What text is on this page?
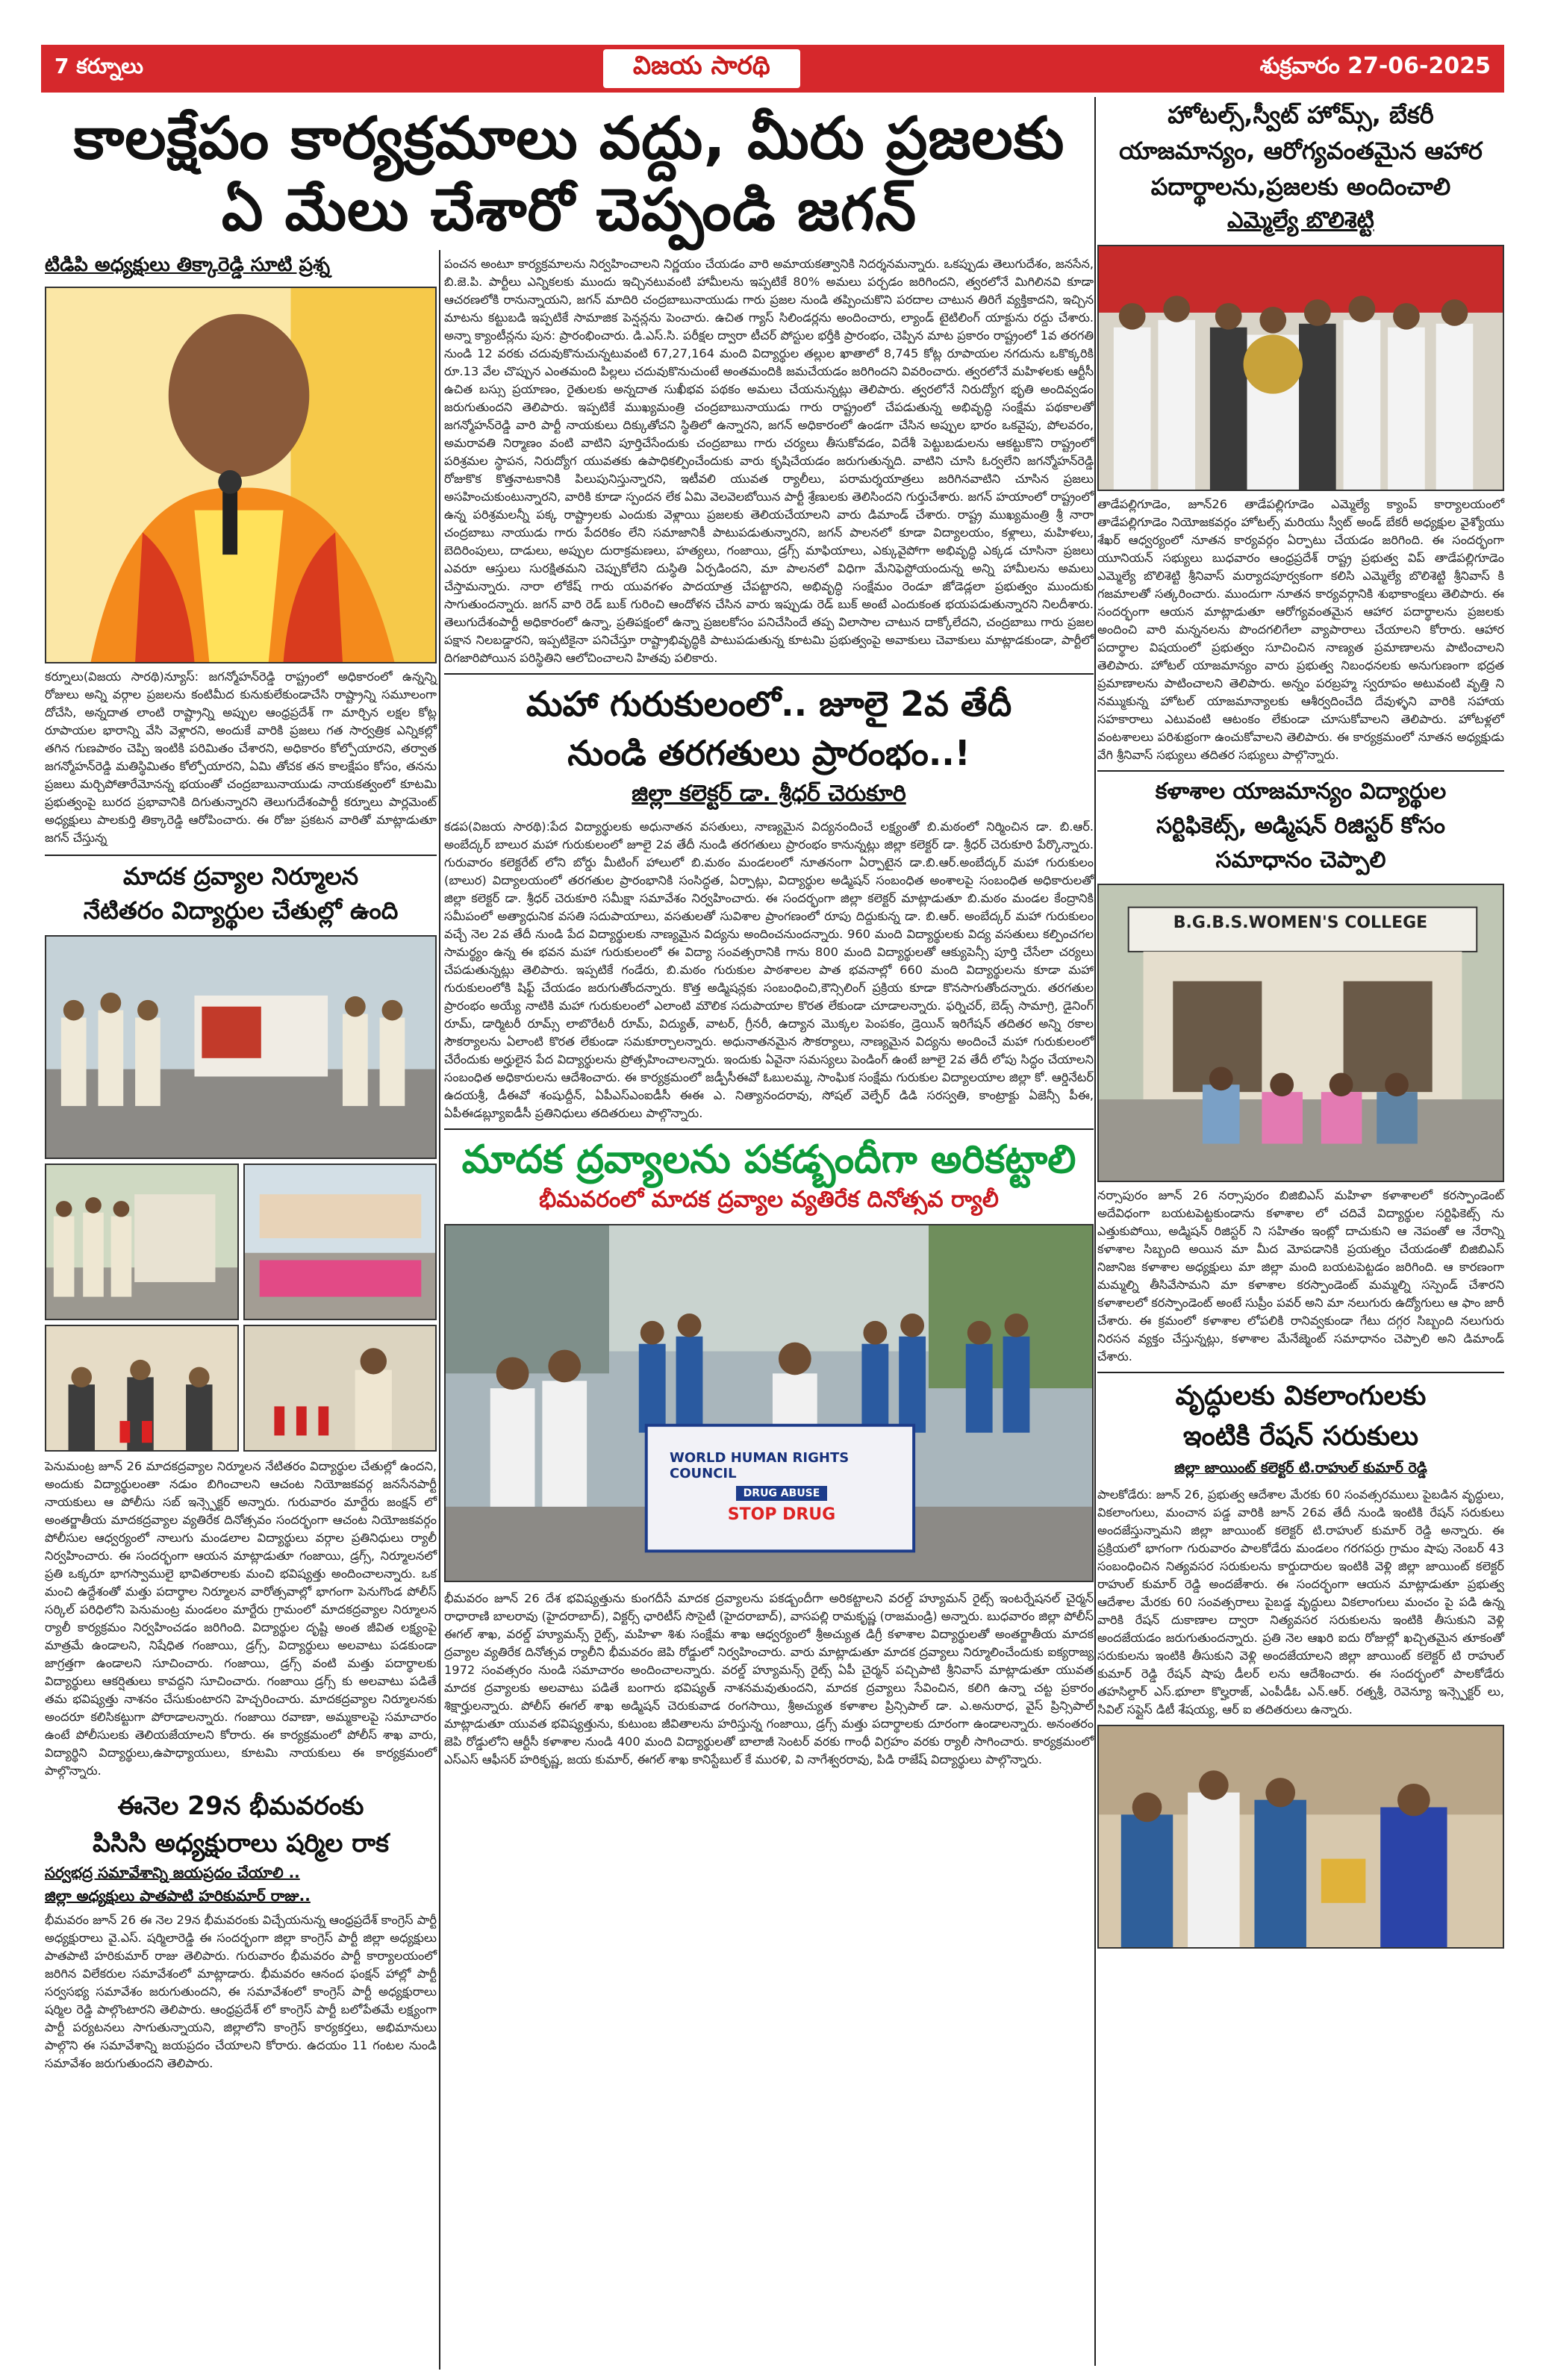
7 కర్నూలు	విజయ సారథి	శుక్రవారం 27-06-2025
కాలక్షేపం కార్యక్రమాలు వద్దు, మీరు ప్రజలకు
ఏ మేలు చేశారో చెప్పండి జగన్
టిడిపి అధ్యక్షులు తిక్కారెడ్డి సూటి ప్రశ్న

కర్నూలు(విజయ సారథి)న్యూస్: జగన్మోహన్‌రెడ్డి రాష్ట్రంలో అధికారంలో ఉన్నన్ని రోజులు అన్ని వర్గాల ప్రజలను కంటిమీద కునుకులేకుండాచేసి రాష్ట్రాన్ని సమూలంగా దోచేసి, అన్నదాత లాంటి రాష్ట్రాన్ని అప్పుల ఆంధ్రప్రదేశ్ గా మార్చిన లక్షల కోట్ల రూపాయల భారాన్ని వేసి వెళ్లారని, అందుకే వారికి ప్రజలు గత సార్వత్రిక ఎన్నికల్లో తగిన గుణపాఠం చెప్పి ఇంటికి పరిమితం చేశారని, అధికారం కోల్పోయారని, తర్వాత జగన్మోహన్‌రెడ్డి మతిస్థిమితం కోల్పోయారని, ఏమి తోచక తన కాలక్షేపం కోసం, తనను ప్రజలు మర్చిపోతారేమోనన్న భయంతో చంద్రబాబునాయుడు నాయకత్వంలో కూటమి ప్రభుత్వంపై బురద ప్రభావానికి దిగుతున్నారని తెలుగుదేశంపార్టీ కర్నూలు పార్లమెంట్ అధ్యక్షులు పాలకుర్తి తిక్కారెడ్డి ఆరోపించారు. ఈ రోజు ప్రకటన వారితో మాట్లాడుతూ జగన్ చేస్తున్న

మాదక ద్రవ్యాల నిర్మూలన
నేటితరం విద్యార్థుల చేతుల్లో ఉంది

పెనుమంట్ర జూన్ 26 మాదకద్రవ్యాల నిర్మూలన నేటితరం విద్యార్థుల చేతుల్లో ఉందని, అందుకు విద్యార్థులంతా నడుం బిగించాలని ఆచంట నియోజకవర్గ జనసేనపార్టీ నాయకులు ఆ పోలీసు సబ్ ఇన్స్పెక్టర్ అన్నారు. గురువారం మార్టేరు జంక్షన్ లో అంతర్జాతీయ మాదకద్రవ్యాల వ్యతిరేక దినోత్సవం సందర్భంగా ఆచంట నియోజకవర్గం పోలీసుల ఆధ్వర్యంలో నాలుగు మండలాల విద్యార్థులు వర్గాల ప్రతినిధులు ర్యాలీ నిర్వహించారు. ఈ సందర్భంగా ఆయన మాట్లాడుతూ గంజాయి, డ్రగ్స్, నిర్మూలనలో ప్రతి ఒక్కరూ భాగస్వాములై భావితరాలకు మంచి భవిష్యత్తు అందించాలన్నారు. ఒక మంచి ఉద్దేశంతో మత్తు పదార్థాల నిర్మూలన వారోత్సవాల్లో భాగంగా పెనుగొండ పోలీస్ సర్కిల్ పరిధిలోని పెనుమంట్ర మండలం మార్టేరు గ్రామంలో మాదకద్రవ్యాల నిర్మూలన ర్యాలీ కార్యక్రమం నిర్వహించడం జరిగింది. విద్యార్థుల దృష్టి అంత జీవిత లక్ష్యంపై మాత్రమే ఉండాలని, నిషేధిత గంజాయి, డ్రగ్స్, విద్యార్థులు అలవాటు పడకుండా జాగ్రత్తగా ఉండాలని సూచించారు. గంజాయి, డ్రగ్స్ వంటి మత్తు పదార్థాలకు విద్యార్థులు ఆకర్షితులు కావద్దని సూచించారు. గంజాయి డ్రగ్స్ కు అలవాటు పడితే తమ భవిష్యత్తు నాశనం చేసుకుంటారని హెచ్చరించారు. మాదకద్రవ్యాల నిర్మూలనకు అందరూ కలిసికట్టుగా పోరాడాలన్నారు. గంజాయి రవాణా, అమ్మకాలపై సమాచారం ఉంటే పోలీసులకు తెలియజేయాలని కోరారు. ఈ కార్యక్రమంలో పోలీస్ శాఖ వారు, విద్యార్థిని విద్యార్థులు,ఉపాధ్యాయులు, కూటమి నాయకులు ఈ కార్యక్రమంలో పాల్గొన్నారు.

ఈనెల 29న భీమవరంకు
పిసిసి అధ్యక్షురాలు షర్మిల రాక
సర్వభద్ర సమావేశాన్ని జయప్రదం చేయాలి ..
జిల్లా అధ్యక్షులు పాతపాటి హరికుమార్ రాజు..

భీమవరం జూన్ 26 ఈ నెల 29న భీమవరంకు విచ్చేయనున్న ఆంధ్రప్రదేశ్ కాంగ్రెస్ పార్టీ అధ్యక్షురాలు వై.ఎస్. షర్మిలారెడ్డి ఈ సందర్భంగా జిల్లా కాంగ్రెస్ పార్టీ జిల్లా అధ్యక్షులు పాతపాటి హరికుమార్ రాజు తెలిపారు. గురువారం భీమవరం పార్టీ కార్యాలయంలో జరిగిన విలేకరుల సమావేశంలో మాట్లాడారు. భీమవరం ఆనంద ఫంక్షన్ హాల్లో పార్టీ సర్వసభ్య సమావేశం జరుగుతుందని, ఈ సమావేశంలో కాంగ్రెస్ పార్టీ అధ్యక్షురాలు షర్మిల రెడ్డి పాల్గొంటారని తెలిపారు. ఆంధ్రప్రదేశ్ లో కాంగ్రెస్ పార్టీ బలోపేతమే లక్ష్యంగా పార్టీ పర్యటనలు సాగుతున్నాయని, జిల్లాలోని కాంగ్రెస్ కార్యకర్తలు, అభిమానులు పాల్గొని ఈ సమావేశాన్ని జయప్రదం చేయాలని కోరారు. ఉదయం 11 గంటల నుండి సమావేశం జరుగుతుందని తెలిపారు.

పంచన అంటూ కార్యక్రమాలను నిర్వహించాలని నిర్ణయం చేయడం వారి అమాయకత్వానికి నిదర్శనమన్నారు. ఒకప్పుడు తెలుగుదేశం, జనసేన, బి.జె.పి. పార్టీలు ఎన్నికలకు ముందు ఇచ్చినటువంటి హామీలను ఇప్పటికే 80% అమలు పర్చడం జరిగిందని, త్వరలోనే మిగిలినవి కూడా ఆచరణలోకి రానున్నాయని, జగన్ మాదిరి చంద్రబాబునాయుడు గారు ప్రజల నుండి తప్పించుకొని పరదాల చాటున తిరిగే వ్యక్తికాదని, ఇచ్చిన మాటను కట్టుబడి ఇప్పటికే సామాజిక పెన్షన్లను పెంచారు. ఉచిత గ్యాస్ సిలిండర్లను అందించారు, ల్యాండ్ టైటిలింగ్ యాక్టును రద్దు చేశారు. అన్నా క్యాంటీన్లను పున: ప్రారంభించారు. డి.ఎస్.సి. పరీక్షల ద్వారా టీచర్ పోస్టుల భర్తీకి ప్రారంభం, చెప్పిన మాట ప్రకారం రాష్ట్రంలో 1వ తరగతి నుండి 12 వరకు చదువుకొనుచున్నటువంటి 67,27,164 మంది విద్యార్థుల తల్లుల ఖాతాలో 8,745 కోట్ల రూపాయల నగదును ఒకొక్కరికి రూ.13 వేల చొప్పున ఎంతమంది పిల్లలు చదువుకొనుచుంటే అంతమందికి జమచేయడం జరిగిందని వివరించారు. త్వరలోనే మహిళలకు ఆర్టీసీ ఉచిత బస్సు ప్రయాణం, రైతులకు అన్నదాత సుఖీభవ పథకం అమలు చేయనున్నట్లు తెలిపారు. త్వరలోనే నిరుద్యోగ భృతి అందివ్వడం జరుగుతుందని తెలిపారు. ఇప్పటికే ముఖ్యమంత్రి చంద్రబాబునాయుడు గారు రాష్ట్రంలో చేపడుతున్న అభివృద్ధి సంక్షేమ పథకాలతో జగన్మోహన్‌రెడ్డి వారి పార్టీ నాయకులు దిక్కుతోచని స్థితిలో ఉన్నారని, జగన్ అధికారంలో ఉండగా చేసిన అప్పుల భారం ఒకవైపు, పోలవరం, అమరావతి నిర్మాణం వంటి వాటిని పూర్తిచేసేందుకు చంద్రబాబు గారు చర్యలు తీసుకోవడం, విదేశీ పెట్టుబడులను ఆకట్టుకొని రాష్ట్రంలో పరిశ్రమల స్థాపన, నిరుద్యోగ యువతకు ఉపాధికల్పించేందుకు వారు కృషిచేయడం జరుగుతున్నది. వాటిని చూసి ఓర్వలేని జగన్మోహన్‌రెడ్డి రోజుకొక కొత్తనాటకానికి పిలుపునిస్తున్నారని, ఇటీవలి యువత ర్యాలీలు, పరామర్శయాత్రలు జరిగినవాటిని చూసిన ప్రజలు అసహించుకుంటున్నారని, వారికి కూడా స్పందన లేక ఏమి వెలవెలబోయిన పార్టీ శ్రేణులకు తెలిసిందని గుర్తుచేశారు. జగన్ హయాంలో రాష్ట్రంలో ఉన్న పరిశ్రమలన్నీ పక్క రాష్ట్రాలకు ఎందుకు వెళ్లాయి ప్రజలకు తెలియచేయాలని వారు డిమాండ్ చేశారు. రాష్ట్ర ముఖ్యమంత్రి శ్రీ నారా చంద్రబాబు నాయుడు గారు పేదరికం లేని సమాజానికీ పాటుపడుతున్నారని, జగన్ పాలనలో కూడా విద్యాలయం, కళ్లాలు, మహిళలు, బెదిరింపులు, దాడులు, అప్పుల దురాక్రమణలు, హత్యలు, గంజాయి, డ్రగ్స్ మాఫియాలు, ఎక్కువైపోగా అభివృద్ధి ఎక్కడ చూసినా ప్రజలు ఎవరూ ఆస్తులు సురక్షితమని చెప్పుకోలేని దుస్థితి ఏర్పడిందని, మా పాలనలో విధిగా మేనిఫెస్టోయందున్న అన్ని హామీలను అమలు చేస్తామన్నారు. నారా లోకేష్ గారు యువగళం పాదయాత్ర చేపట్టారని, అభివృద్ధి సంక్షేమం రెండూ జోడెడ్లలా ప్రభుత్వం ముందుకు సాగుతుందన్నారు. జగన్ వారి రెడ్ బుక్ గురించి ఆందోళన చేసిన వారు ఇప్పుడు రెడ్ బుక్ అంటే ఎందుకంత భయపడుతున్నారని నిలదీశారు. తెలుగుదేశంపార్టీ అధికారంలో ఉన్నా, ప్రతిపక్షంలో ఉన్నా ప్రజలకోసం పనిచేసిందే తప్ప విలాసాల చాటున దాక్కోలేదని, చంద్రబాబు గారు ప్రజల పక్షాన నిలబడ్డారని, ఇప్పటికైనా పనిచేస్తూ రాష్ట్రాభివృద్ధికి పాటుపడుతున్న కూటమి ప్రభుత్వంపై అవాకులు చెవాకులు మాట్లాడకుండా, పార్టీలో దిగజారిపోయిన పరిస్థితిని ఆలోచించాలని హితవు పలికారు.

మహా గురుకులంలో.. జూలై 2వ తేదీ
నుండి తరగతులు ప్రారంభం..!
జిల్లా కలెక్టర్ డా. శ్రీధర్ చెరుకూరి

కడప(విజయ సారథి):పేద విద్యార్థులకు అధునాతన వసతులు, నాణ్యమైన విద్యనందించే లక్ష్యంతో బి.మఠంలో నిర్మించిన డా. బి.ఆర్. అంబేద్కర్ బాలుర మహా గురుకులంలో జూలై 2వ తేదీ నుండి తరగతులు ప్రారంభం కానున్నట్లు జిల్లా కలెక్టర్ డా. శ్రీధర్ చెరుకూరి పేర్కొన్నారు. గురువారం కలెక్టరేట్ లోని బోర్డు మీటింగ్ హాలులో బి.మఠం మండలంలో నూతనంగా ఏర్పాటైన డా.బి.ఆర్.అంబేద్కర్ మహా గురుకులం (బాలుర) విద్యాలయంలో తరగతుల ప్రారంభానికి సంసిద్ధత, ఏర్పాట్లు, విద్యార్థుల అడ్మిషన్ సంబంధిత అంశాలపై సంబంధిత అధికారులతో జిల్లా కలెక్టర్ డా. శ్రీధర్ చెరుకూరి సమీక్షా సమావేశం నిర్వహించారు. ఈ సందర్భంగా జిల్లా కలెక్టర్ మాట్లాడుతూ బి.మఠం మండల కేంద్రానికి సమీపంలో అత్యాధునిక వసతి సదుపాయాలు, వసతులతో సువిశాల ప్రాంగణంలో రూపు దిద్దుకున్న డా. బి.ఆర్. అంబేద్కర్ మహా గురుకులం వచ్చే నెల 2వ తేదీ నుండి పేద విద్యార్థులకు నాణ్యమైన విద్యను అందించనుందన్నారు. 960 మంది విద్యార్థులకు విద్య వసతులు కల్పించగల సామర్థ్యం ఉన్న ఈ భవన మహా గురుకులంలో ఈ విద్యా సంవత్సరానికి గాను 800 మంది విద్యార్థులతో ఆక్యుపెన్సీ పూర్తి చేసేలా చర్యలు చేపడుతున్నట్లు తెలిపారు. ఇప్పటికే గండేరు, బి.మఠం గురుకుల పాఠశాలల పాత భవనాల్లో 660 మంది విద్యార్థులను కూడా మహా గురుకులంలోకి షిఫ్ట్ చేయడం జరుగుతోందన్నారు. కొత్త అడ్మిషన్లకు సంబంధించి,కౌన్సిలింగ్ ప్రక్రియ కూడా కొనసాగుతోందన్నారు. తరగతుల ప్రారంభం అయ్యే నాటికి మహా గురుకులంలో ఎలాంటి మౌలిక సదుపాయాల కొరత లేకుండా చూడాలన్నారు. ఫర్నిచర్, బెడ్స్ సామాగ్రి, డైనింగ్ రూమ్, డార్మిటరీ రూమ్స్ లాబొరేటరీ రూమ్, విద్యుత్, వాటర్, గ్రీనరీ, ఉద్యాన మొక్కల పెంపకం, డ్రెయిన్ ఇరిగేషన్ తదితర అన్ని రకాల సౌకర్యాలను ఏలాంటి కొరత లేకుండా సమకూర్చాలన్నారు. అధునాతనమైన సౌకర్యాలు, నాణ్యమైన విద్యను అందించే మహా గురుకులంలో చేరేందుకు అర్హులైన పేద విద్యార్థులను ప్రోత్సహించాలన్నారు. ఇందుకు ఏవైనా సమస్యలు పెండింగ్ ఉంటే జూలై 2వ తేదీ లోపు సిద్ధం చేయాలని సంబంధిత అధికారులను ఆదేశించారు. ఈ కార్యక్రమంలో జడ్పీసీఈవో ఓబులమ్మ, సాంఘిక సంక్షేమ గురుకుల విద్యాలయాల జిల్లా కో. ఆర్డినేటర్ ఉదయశ్రీ, డీఈవో శంషుద్దీన్, ఏపీఎస్ఎంఐడీసీ ఈఈ ఎ. నిత్యానందరావు, సోషల్ వెల్ఫేర్ డిడి సరస్వతి, కాంట్రాక్టు ఏజెన్సీ పీఈ, ఏపీఈడబ్ల్యూఐడీసీ ప్రతినిధులు తదితరులు పాల్గొన్నారు.

మాదక ద్రవ్యాలను పకడ్బందీగా అరికట్టాలి
భీమవరంలో మాదక ద్రవ్యాల వ్యతిరేక దినోత్సవ ర్యాలీ
WORLD HUMAN RIGHTS COUNCIL
DRUG ABUSE
STOP DRUG

భీమవరం జూన్ 26 దేశ భవిష్యత్తును కుంగదీసే మాదక ద్రవ్యాలను పకడ్బందీగా అరికట్టాలని వరల్డ్ హ్యూమన్ రైట్స్ ఇంటర్నేషనల్ చైర్మన్ రాధారాణి బాలరావు (హైదరాబాద్), విక్టర్స్ ఛారిటీస్ సొసైటీ (హైదరాబాద్), వాసపల్లి రామకృష్ణ (రాజమండ్రి) అన్నారు. బుధవారం జిల్లా పోలీస్ ఈగల్ శాఖ, వరల్డ్ హ్యూమన్స్ రైట్స్, మహిళా శిశు సంక్షేమ శాఖ ఆధ్వర్యంలో శ్రీఅచ్యుత డిగ్రీ కళాశాల విద్యార్థులతో అంతర్జాతీయ మాదక ద్రవ్యాల వ్యతిరేక దినోత్సవ ర్యాలీని భీమవరం జెపి రోడ్డులో నిర్వహించారు. వారు మాట్లాడుతూ మాదక ద్రవ్యాలు నిర్మూలించేందుకు ఐక్యరాజ్య 1972 సంవత్సరం నుండి సమాచారం అందించాలన్నారు. వరల్డ్ హ్యూమన్స్ రైట్స్ ఏపీ చైర్మన్ పచ్చిపాటి శ్రీనివాస్ మాట్లాడుతూ యువత మాదక ద్రవ్యాలకు అలవాటు పడితే బంగారు భవిష్యత్ నాశనమవుతుందని, మాదక ద్రవ్యాలు సేవించిన, కలిగి ఉన్నా చట్ట ప్రకారం శిక్షార్హులన్నారు. పోలీస్ ఈగల్ శాఖ అడ్మిషన్ చెరుకువాడ రంగసాయి, శ్రీఅచ్యుత కళాశాల ప్రిన్సిపాల్ డా. ఎ.అనురాధ, వైస్ ప్రిన్సిపాల్ మాట్లాడుతూ యువత భవిష్యత్తును, కుటుంబ జీవితాలను హరిస్తున్న గంజాయి, డ్రగ్స్ మత్తు పదార్థాలకు దూరంగా ఉండాలన్నారు. అనంతరం జెపి రోడ్డులోని ఆర్టీసీ కళాశాల నుండి 400 మంది విద్యార్థులతో బాలాజీ సెంటర్ వరకు గాంధీ విగ్రహం వరకు ర్యాలీ సాగించారు. కార్యక్రమంలో ఎస్ఎస్ ఆఫీసర్ హరికృష్ణ, జయ కుమార్, ఈగల్ శాఖ కానిస్టేబుల్ కే మురళి, వి నాగేశ్వరరావు, పిడి రాజేష్ విద్యార్థులు పాల్గొన్నారు.

హోటల్స్,స్వీట్ హోమ్స్, బేకరీ
యాజమాన్యం, ఆరోగ్యవంతమైన ఆహార
పదార్థాలను,ప్రజలకు అందించాలి
ఎమ్మెల్యే బొలిశెట్టి

తాడేపల్లిగూడెం, జూన్26 తాడేపల్లిగూడెం ఎమ్మెల్యే క్యాంప్ కార్యాలయంలో తాడేపల్లిగూడెం నియోజకవర్గం హోటల్స్ మరియు స్వీట్ అండ్ బేకరీ అధ్యక్షుల వైశ్యోయు శేఖర్ ఆధ్వర్యంలో నూతన కార్యవర్గం ఏర్పాటు చేయడం జరిగింది. ఈ సందర్భంగా యూనియన్ సభ్యులు బుధవారం ఆంధ్రప్రదేశ్ రాష్ట్ర ప్రభుత్వ విప్ తాడేపల్లిగూడెం ఎమ్మెల్యే బొలిశెట్టి శ్రీనివాస్ మర్యాదపూర్వకంగా కలిసి ఎమ్మెల్యే బొలిశెట్టి శ్రీనివాస్ కి గజమాలతో సత్కరించారు. ముందుగా నూతన కార్యవర్గానికి శుభాకాంక్షలు తెలిపారు. ఈ సందర్భంగా ఆయన మాట్లాడుతూ ఆరోగ్యవంతమైన ఆహార పదార్థాలను ప్రజలకు అందించి వారి మన్ననలను పొందగలిగేలా వ్యాపారాలు చేయాలని కోరారు. ఆహార పదార్థాల విషయంలో ప్రభుత్వం సూచించిన నాణ్యత ప్రమాణాలను పాటించాలని తెలిపారు. హోటల్ యాజమాన్యం వారు ప్రభుత్వ నిబంధనలకు అనుగుణంగా భద్రత ప్రమాణాలను పాటించాలని తెలిపారు. అన్నం పరబ్రహ్మ స్వరూపం అటువంటి వృత్తి ని నమ్ముకున్న హోటల్ యాజమాన్యాలకు ఆశీర్వదించేది దేవుళ్ళని వారికి సహాయ సహకారాలు ఎటువంటి ఆటంకం లేకుండా చూసుకోవాలని తెలిపారు. హోటళ్లలో వంటశాలలు పరిశుభ్రంగా ఉంచుకోవాలని తెలిపారు. ఈ కార్యక్రమంలో నూతన అధ్యక్షుడు వేగి శ్రీనివాస్ సభ్యులు తదితర సభ్యులు పాల్గొన్నారు.

కళాశాల యాజమాన్యం విద్యార్థుల
సర్టిఫికెట్స్, అడ్మిషన్ రిజిస్టర్ కోసం
సమాధానం చెప్పాలి
B.G.B.S.WOMEN'S COLLEGE

నర్సాపురం జూన్ 26 నర్సాపురం బిజిబిఎస్ మహిళా కళాశాలలో కరస్పాండెంట్ అదేవిధంగా బయటపెట్టకుండాను కళాశాల లో చదివే విద్యార్థుల సర్టిఫికెట్స్ ను ఎత్తుకుపోయి, అడ్మిషన్ రిజిస్టర్ ని సహితం ఇంట్లో దాచుకుని ఆ నెపంతో ఆ నేరాన్ని కళాశాల సిబ్బంది అయిన మా మీద మోపడానికి ప్రయత్నం చేయడంతో బిజిబిఎస్ నిజానిజ కళాశాల అధ్యక్షులు మా జిల్లా మంది బయటపెట్టడం జరిగింది. ఆ కారణంగా మమ్మల్ని తీసివేసామని మా కళాశాల కరస్పాండెంట్ మమ్మల్ని సస్పెండ్ చేశారని కళాశాలలో కరస్పాండెంట్ అంటే సుప్రీం పవర్ అని మా నలుగురు ఉద్యోగులు ఆ ఫాం జారీ చేశారు. ఈ క్రమంలో కళాశాల లోపలికి రానివ్వకుండా గేటు దగ్గర సిబ్బంది నలుగురు నిరసన వ్యక్తం చేస్తున్నట్లు, కళాశాల మేనేజ్మెంట్ సమాధానం చెప్పాలి అని డిమాండ్ చేశారు.

వృద్ధులకు వికలాంగులకు
ఇంటికి రేషన్ సరుకులు
జిల్లా జాయింట్ కలెక్టర్ టి.రాహుల్ కుమార్ రెడ్డి

పాలకోడేరు: జూన్ 26, ప్రభుత్వ ఆదేశాల మేరకు 60 సంవత్సరములు పైబడిన వృద్ధులు, వికలాంగులు, మంచాన పడ్డ వారికి జూన్ 26వ తేదీ నుండి ఇంటికి రేషన్ సరుకులు అందజేస్తున్నామని జిల్లా జాయింట్ కలెక్టర్ టి.రాహుల్ కుమార్ రెడ్డి అన్నారు. ఈ ప్రక్రియలో భాగంగా గురువారం పాలకోడేరు మండలం గరగపర్రు గ్రామం షాపు నెంబర్ 43 సంబంధించిన నిత్యవసర సరుకులను కార్డుదారుల ఇంటికి వెళ్లి జిల్లా జాయింట్ కలెక్టర్ రాహుల్ కుమార్ రెడ్డి అందజేశారు. ఈ సందర్భంగా ఆయన మాట్లాడుతూ ప్రభుత్వ ఆదేశాల మేరకు 60 సంవత్సరాలు పైబడ్డ వృద్ధులు వికలాంగులు మంచం పై పడి ఉన్న వారికి రేషన్ దుకాణాల ద్వారా నిత్యవసర సరుకులను ఇంటికి తీసుకుని వెళ్లి అందజేయడం జరుగుతుందన్నారు. ప్రతి నెల ఆఖరి ఐదు రోజుల్లో ఖచ్చితమైన తూకంతో సరుకులను ఇంటికి తీసుకుని వెళ్లి అందజేయాలని జిల్లా జాయింట్ కలెక్టర్ టి రాహుల్ కుమార్ రెడ్డి రేషన్ షాపు డీలర్ లను ఆదేశించారు. ఈ సందర్భంలో పాలకోడేరు తహసిల్దార్ ఎస్.భూలా కొల్హరాజ్, ఎంపీడీఓ ఎన్.ఆర్. రత్నశ్రీ, రెవెన్యూ ఇన్స్పెక్టర్ లు, సివిల్ సప్లైస్ డిటీ శేషయ్య, ఆర్ ఐ తదితరులు ఉన్నారు.
